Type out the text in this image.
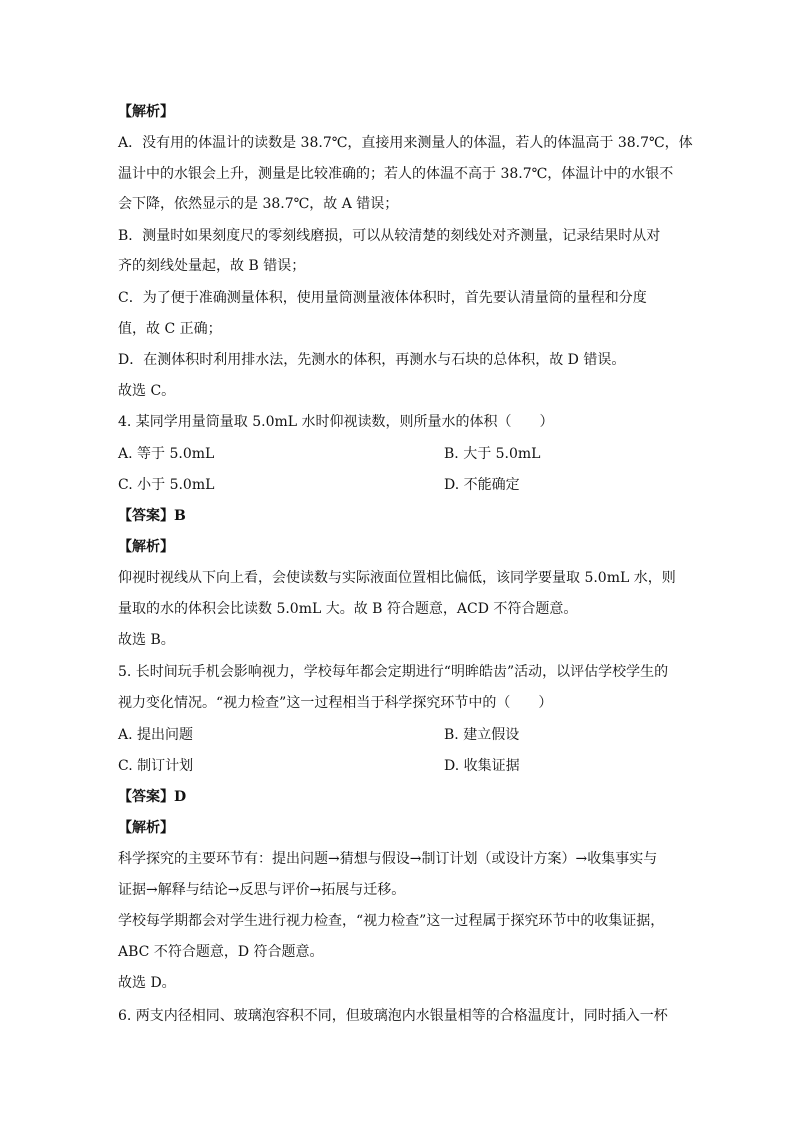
【解析】
A．没有用的体温计的读数是 38.7℃，直接用来测量人的体温，若人的体温高于 38.7℃，体
温计中的水银会上升，测量是比较准确的；若人的体温不高于 38.7℃，体温计中的水银不
会下降，依然显示的是 38.7℃，故 A 错误；
B．测量时如果刻度尺的零刻线磨损，可以从较清楚的刻线处对齐测量，记录结果时从对
齐的刻线处量起，故 B 错误；
C．为了便于准确测量体积，使用量筒测量液体体积时，首先要认清量筒的量程和分度
值，故 C 正确；
D．在测体积时利用排水法，先测水的体积，再测水与石块的总体积，故 D 错误。
故选 C。
4. 某同学用量筒量取 5.0mL 水时仰视读数，则所量水的体积（　　）
A. 等于 5.0mL	B. 大于 5.0mL
C. 小于 5.0mL	D. 不能确定
【答案】B
【解析】
仰视时视线从下向上看，会使读数与实际液面位置相比偏低，该同学要量取 5.0mL 水，则
量取的水的体积会比读数 5.0mL 大。故 B 符合题意，ACD 不符合题意。
故选 B。
5. 长时间玩手机会影响视力，学校每年都会定期进行“明眸皓齿”活动，以评估学校学生的
视力变化情况。“视力检查”这一过程相当于科学探究环节中的（　　）
A. 提出问题	B. 建立假设
C. 制订计划	D. 收集证据
【答案】D
【解析】
科学探究的主要环节有：提出问题→猜想与假设→制订计划（或设计方案）→收集事实与
证据→解释与结论→反思与评价→拓展与迁移。
学校每学期都会对学生进行视力检查，“视力检查”这一过程属于探究环节中的收集证据，
ABC 不符合题意，D 符合题意。
故选 D。
6. 两支内径相同、玻璃泡容积不同，但玻璃泡内水银量相等的合格温度计，同时插入一杯
